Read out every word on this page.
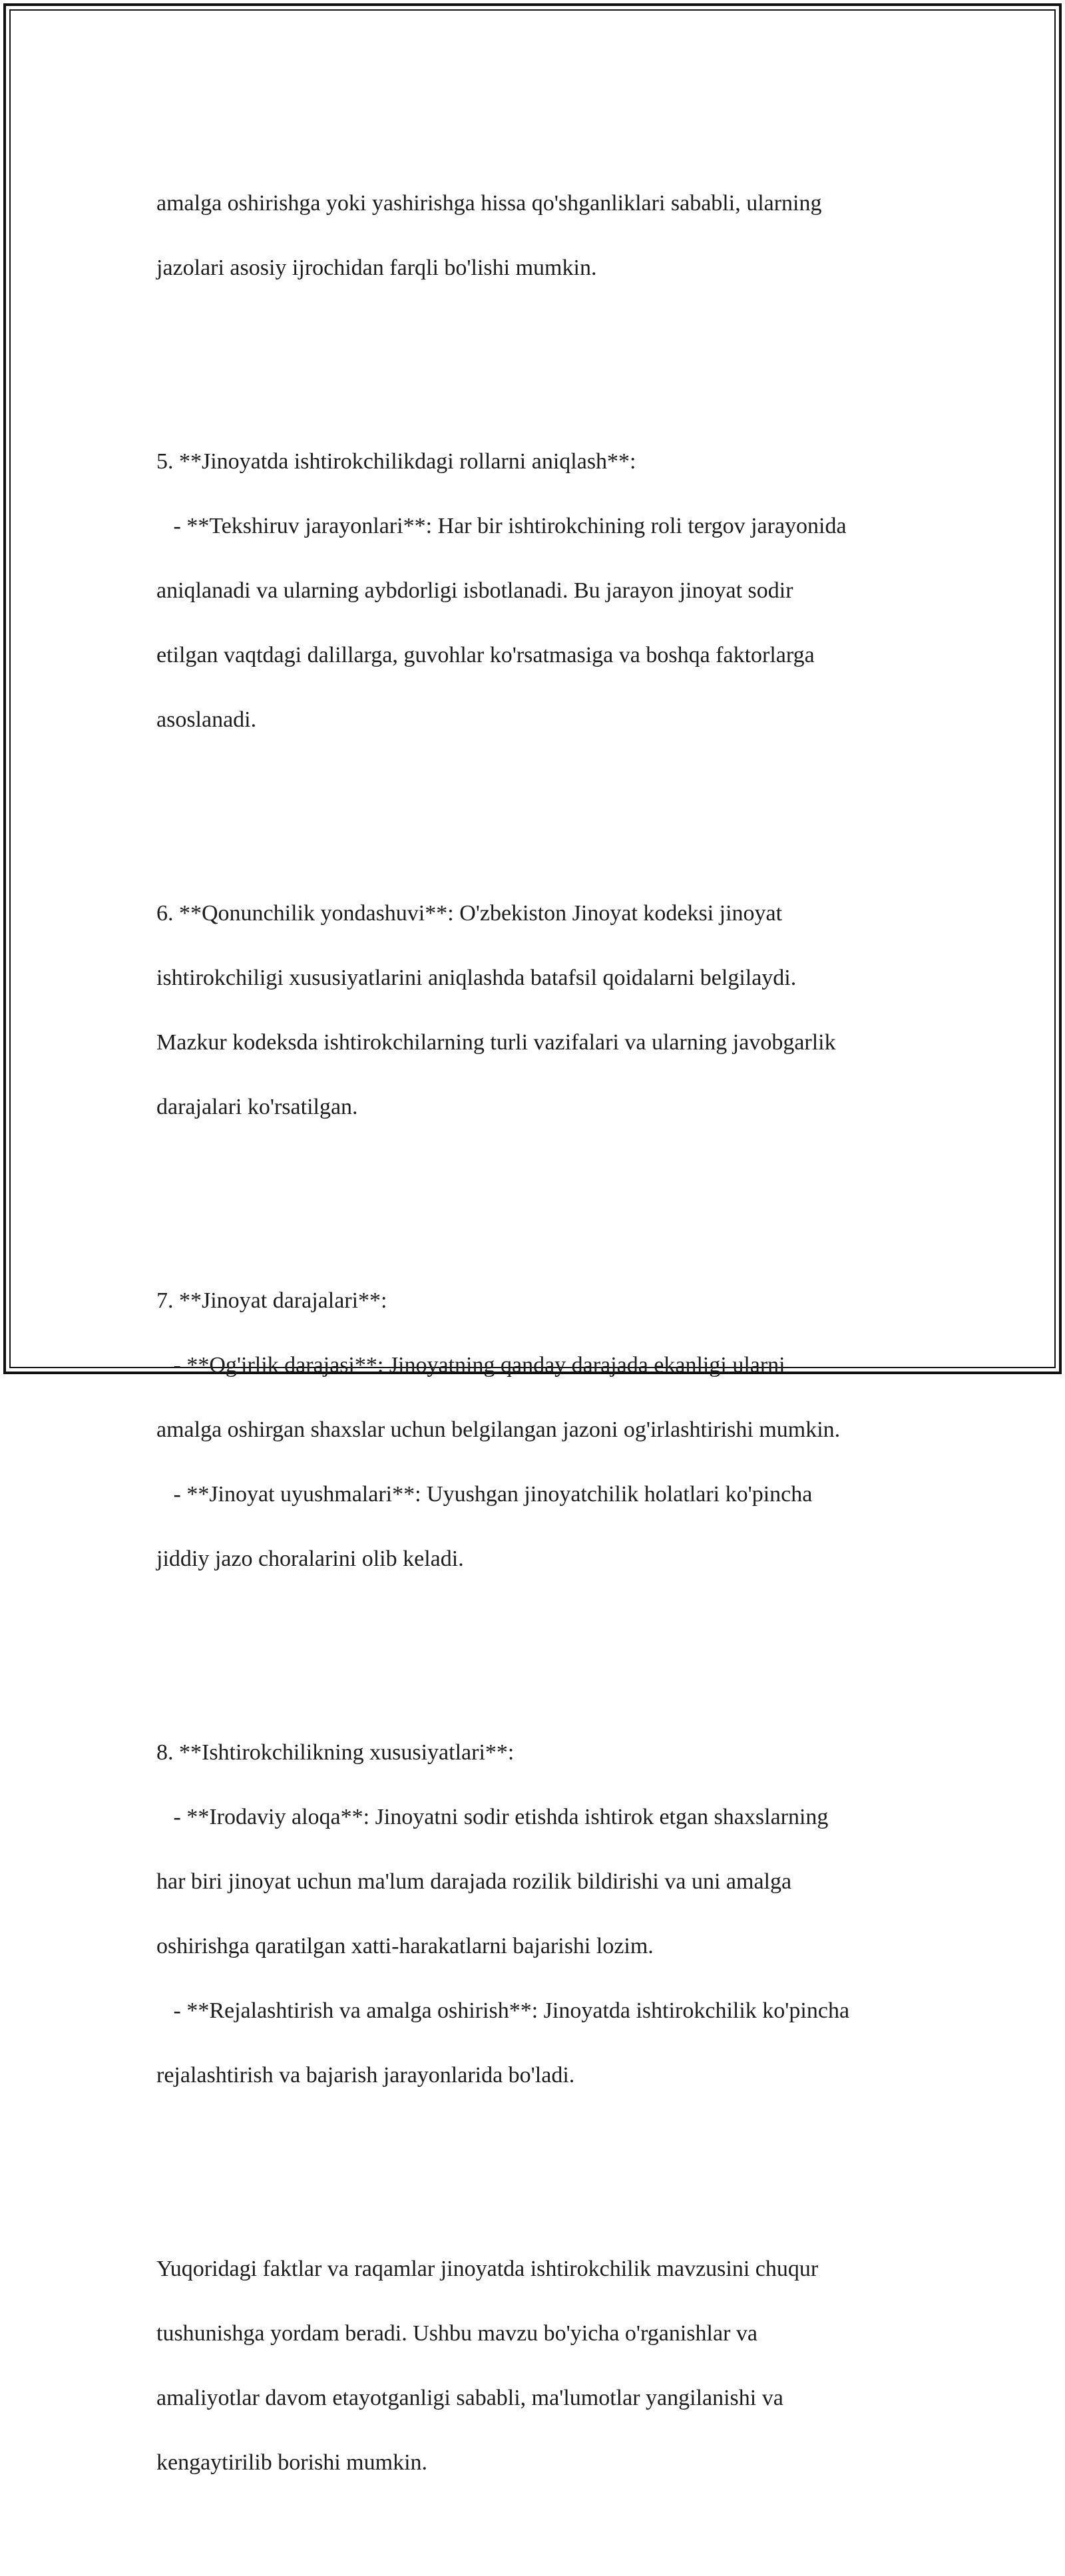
amalga oshirishga yoki yashirishga hissa qo'shganliklari sababli, ularning

jazolari asosiy ijrochidan farqli bo'lishi mumkin.

5. **Jinoyatda ishtirokchilikdagi rollarni aniqlash**:

- **Tekshiruv jarayonlari**: Har bir ishtirokchining roli tergov jarayonida

aniqlanadi va ularning aybdorligi isbotlanadi. Bu jarayon jinoyat sodir

etilgan vaqtdagi dalillarga, guvohlar ko'rsatmasiga va boshqa faktorlarga

asoslanadi.

6. **Qonunchilik yondashuvi**: O'zbekiston Jinoyat kodeksi jinoyat

ishtirokchiligi xususiyatlarini aniqlashda batafsil qoidalarni belgilaydi.

Mazkur kodeksda ishtirokchilarning turli vazifalari va ularning javobgarlik

darajalari ko'rsatilgan.

7. **Jinoyat darajalari**:

- **Og'irlik darajasi**: Jinoyatning qanday darajada ekanligi ularni

amalga oshirgan shaxslar uchun belgilangan jazoni og'irlashtirishi mumkin.

- **Jinoyat uyushmalari**: Uyushgan jinoyatchilik holatlari ko'pincha

jiddiy jazo choralarini olib keladi.

8. **Ishtirokchilikning xususiyatlari**:

- **Irodaviy aloqa**: Jinoyatni sodir etishda ishtirok etgan shaxslarning

har biri jinoyat uchun ma'lum darajada rozilik bildirishi va uni amalga

oshirishga qaratilgan xatti-harakatlarni bajarishi lozim.

- **Rejalashtirish va amalga oshirish**: Jinoyatda ishtirokchilik ko'pincha

rejalashtirish va bajarish jarayonlarida bo'ladi.

Yuqoridagi faktlar va raqamlar jinoyatda ishtirokchilik mavzusini chuqur

tushunishga yordam beradi. Ushbu mavzu bo'yicha o'rganishlar va

amaliyotlar davom etayotganligi sababli, ma'lumotlar yangilanishi va

kengaytirilib borishi mumkin.
